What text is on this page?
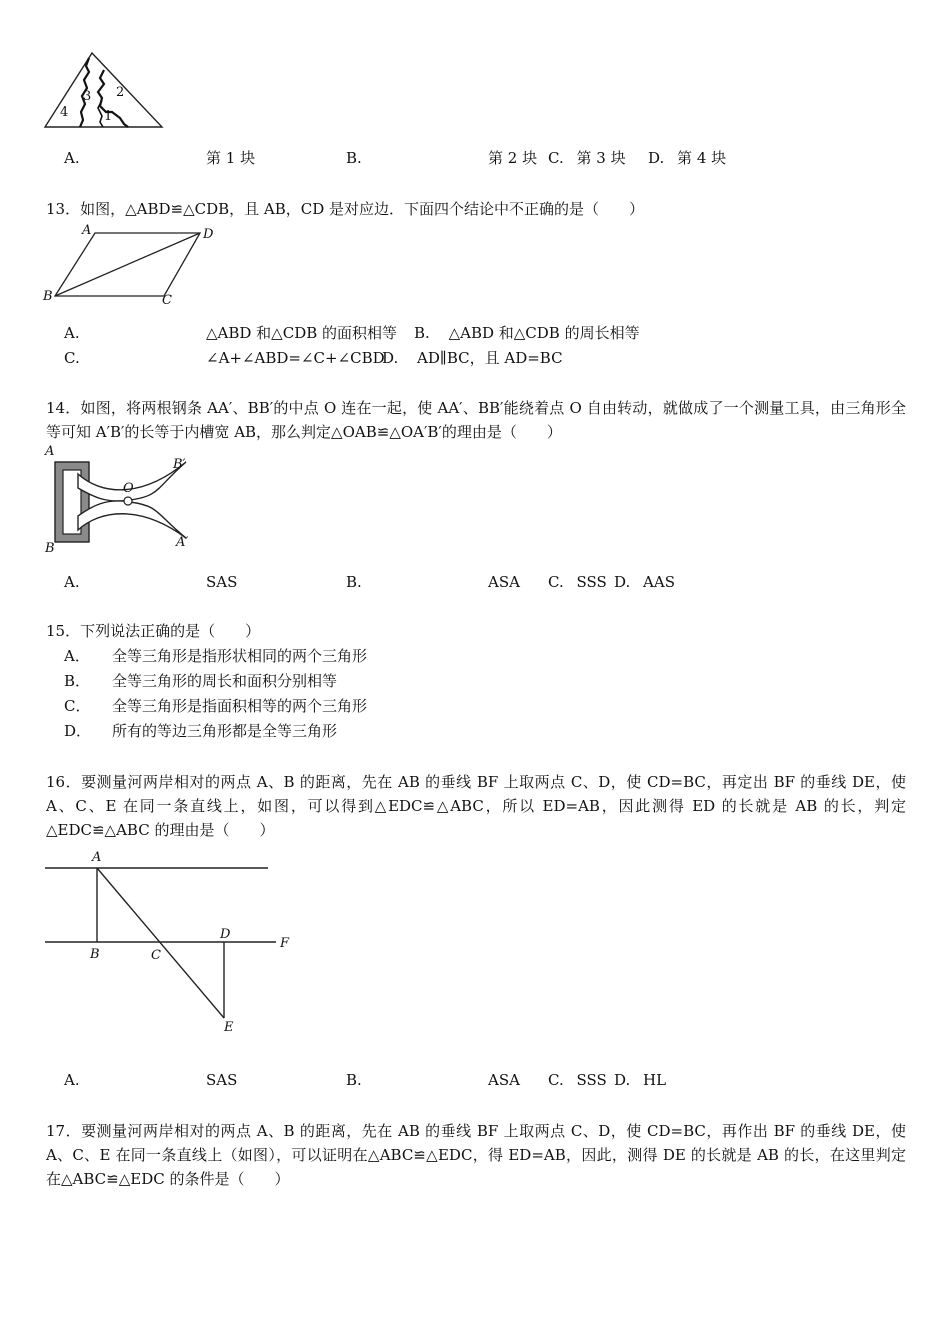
4
3 2
1
A.	第 1 块	B.	第 2 块 C. 第 3 块 D. 第 4 块
13．如图，△ABD≌△CDB，且 AB，CD 是对应边．下面四个结论中不正确的是（　　）
A	D
B	C
A.	△ABD 和△CDB 的面积相等 B. △ABD 和△CDB 的周长相等
C.	∠A+∠ABD=∠C+∠CBD
D. AD∥BC，且 AD=BC
14．如图，将两根钢条 AA′、BB′的中点 O 连在一起，使 AA′、BB′能绕着点 O 自由转动，就做成了一个测量工具，由三角形全等可知 A′B′的长等于内槽宽 AB，那么判定△OAB≌△OA′B′的理由是（　　）
A
B
O
B′
A′
A.	SAS	B.	ASA C. SSS D. AAS
15．下列说法正确的是（　　）
A． 全等三角形是指形状相同的两个三角形
B． 全等三角形的周长和面积分别相等
C． 全等三角形是指面积相等的两个三角形
D． 所有的等边三角形都是全等三角形
16．要测量河两岸相对的两点 A、B 的距离，先在 AB 的垂线 BF 上取两点 C、D，使 CD=BC，再定出 BF 的垂线 DE，使 A、C、E 在同一条直线上，如图，可以得到△EDC≌△ABC，所以 ED=AB，因此测得 ED 的长就是 AB 的长，判定△EDC≌△ABC 的理由是（　　）
A
B	C
D
F
E
A.	SAS	B.	ASA C. SSS D. HL
17．要测量河两岸相对的两点 A、B 的距离，先在 AB 的垂线 BF 上取两点 C、D，使 CD=BC，再作出 BF 的垂线 DE，使 A、C、E 在同一条直线上（如图），可以证明在△ABC≌△EDC，得 ED=AB，因此，测得 DE 的长就是 AB 的长，在这里判定在△ABC≌△EDC 的条件是（　　）
